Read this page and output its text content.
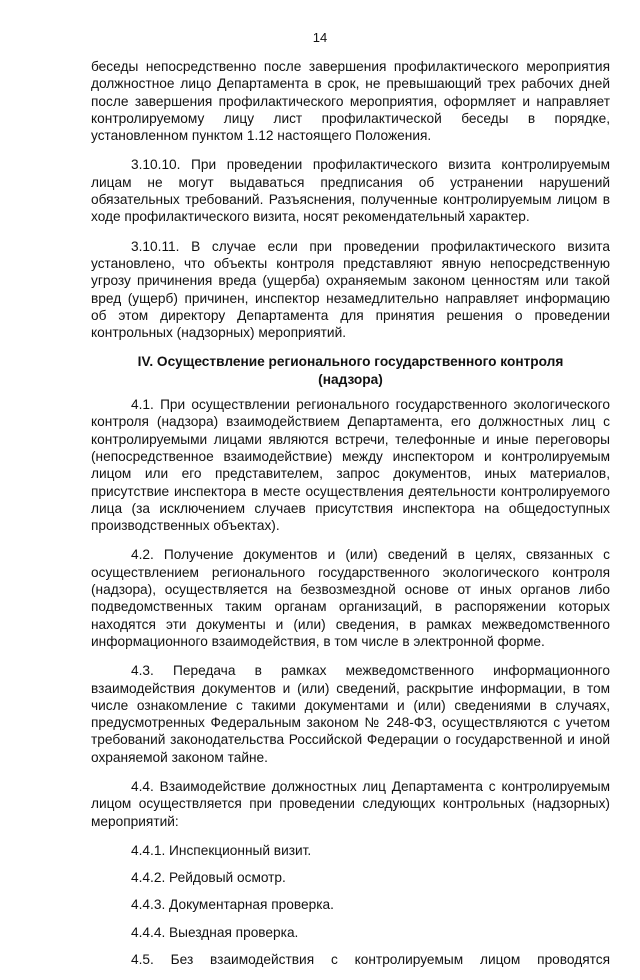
14

беседы непосредственно после завершения профилактического мероприятия должностное лицо Департамента в срок, не превышающий трех рабочих дней после завершения профилактического мероприятия, оформляет и направляет контролируемому лицу лист профилактической беседы в порядке, установленном пунктом 1.12 настоящего Положения.

3.10.10. При проведении профилактического визита контролируемым лицам не могут выдаваться предписания об устранении нарушений обязательных требований. Разъяснения, полученные контролируемым лицом в ходе профилактического визита, носят рекомендательный характер.

3.10.11. В случае если при проведении профилактического визита установлено, что объекты контроля представляют явную непосредственную угрозу причинения вреда (ущерба) охраняемым законом ценностям или такой вред (ущерб) причинен, инспектор незамедлительно направляет информацию об этом директору Департамента для принятия решения о проведении контрольных (надзорных) мероприятий.

IV. Осуществление регионального государственного контроля (надзора)

4.1. При осуществлении регионального государственного экологического контроля (надзора) взаимодействием Департамента, его должностных лиц с контролируемыми лицами являются встречи, телефонные и иные переговоры (непосредственное взаимодействие) между инспектором и контролируемым лицом или его представителем, запрос документов, иных материалов, присутствие инспектора в месте осуществления деятельности контролируемого лица (за исключением случаев присутствия инспектора на общедоступных производственных объектах).

4.2. Получение документов и (или) сведений в целях, связанных с осуществлением регионального государственного экологического контроля (надзора), осуществляется на безвозмездной основе от иных органов либо подведомственных таким органам организаций, в распоряжении которых находятся эти документы и (или) сведения, в рамках межведомственного информационного взаимодействия, в том числе в электронной форме.

4.3. Передача в рамках межведомственного информационного взаимодействия документов и (или) сведений, раскрытие информации, в том числе ознакомление с такими документами и (или) сведениями в случаях, предусмотренных Федеральным законом № 248-ФЗ, осуществляются с учетом требований законодательства Российской Федерации о государственной и иной охраняемой законом тайне.

4.4. Взаимодействие должностных лиц Департамента с контролируемым лицом осуществляется при проведении следующих контрольных (надзорных) мероприятий:

4.4.1. Инспекционный визит.
4.4.2. Рейдовый осмотр.
4.4.3. Документарная проверка.
4.4.4. Выездная проверка.

4.5. Без взаимодействия с контролируемым лицом проводятся
